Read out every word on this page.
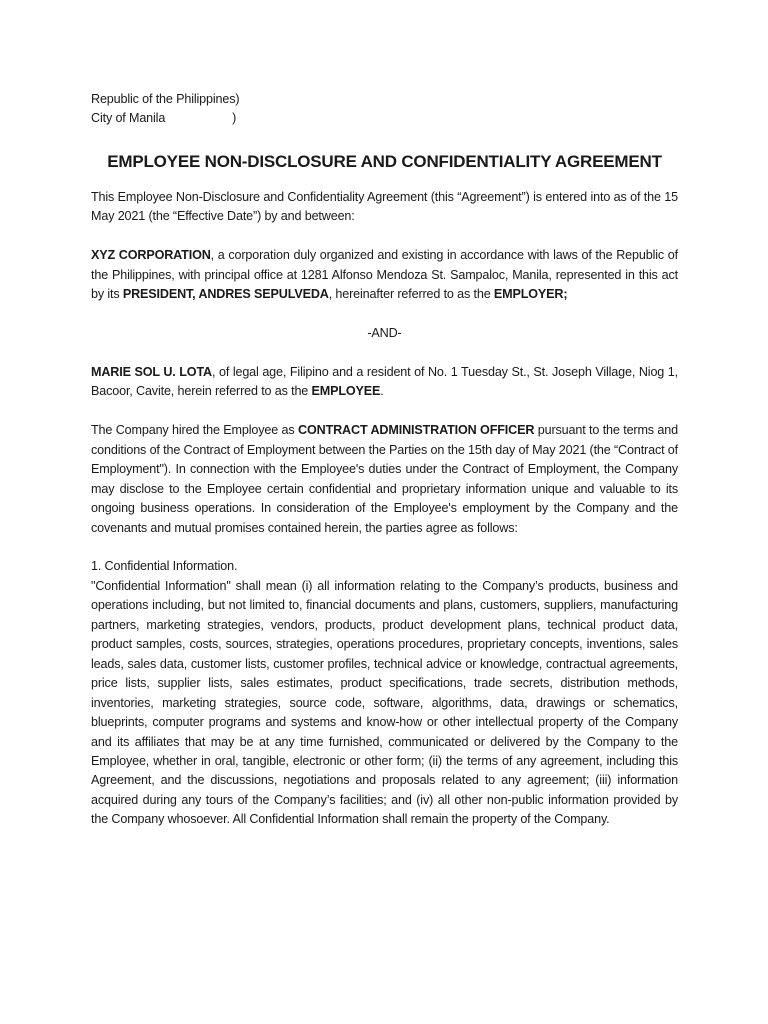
Republic of the Philippines)
City of Manila                    )
EMPLOYEE NON-DISCLOSURE AND CONFIDENTIALITY AGREEMENT

This Employee Non-Disclosure and Confidentiality Agreement (this “Agreement”) is entered into as of the 15 May 2021 (the “Effective Date”) by and between:

XYZ CORPORATION, a corporation duly organized and existing in accordance with laws of the Republic of the Philippines, with principal office at 1281 Alfonso Mendoza St. Sampaloc, Manila, represented in this act by its PRESIDENT, ANDRES SEPULVEDA, hereinafter referred to as the EMPLOYER;

-AND-

MARIE SOL U. LOTA, of legal age, Filipino and a resident of No. 1 Tuesday St., St. Joseph Village, Niog 1, Bacoor, Cavite, herein referred to as the EMPLOYEE.

The Company hired the Employee as CONTRACT ADMINISTRATION OFFICER pursuant to the terms and conditions of the Contract of Employment between the Parties on the 15th day of May 2021 (the “Contract of Employment"). In connection with the Employee's duties under the Contract of Employment, the Company may disclose to the Employee certain confidential and proprietary information unique and valuable to its ongoing business operations. In consideration of the Employee's employment by the Company and the covenants and mutual promises contained herein, the parties agree as follows:

1. Confidential Information.

"Confidential Information" shall mean (i) all information relating to the Company’s products, business and operations including, but not limited to, financial documents and plans, customers, suppliers, manufacturing partners, marketing strategies, vendors, products, product development plans, technical product data, product samples, costs, sources, strategies, operations procedures, proprietary concepts, inventions, sales leads, sales data, customer lists, customer profiles, technical advice or knowledge, contractual agreements, price lists, supplier lists, sales estimates, product specifications, trade secrets, distribution methods, inventories, marketing strategies, source code, software, algorithms, data, drawings or schematics, blueprints, computer programs and systems and know-how or other intellectual property of the Company and its affiliates that may be at any time furnished, communicated or delivered by the Company to the Employee, whether in oral, tangible, electronic or other form; (ii) the terms of any agreement, including this Agreement, and the discussions, negotiations and proposals related to any agreement; (iii) information acquired during any tours of the Company’s facilities; and (iv) all other non-public information provided by the Company whosoever. All Confidential Information shall remain the property of the Company.
